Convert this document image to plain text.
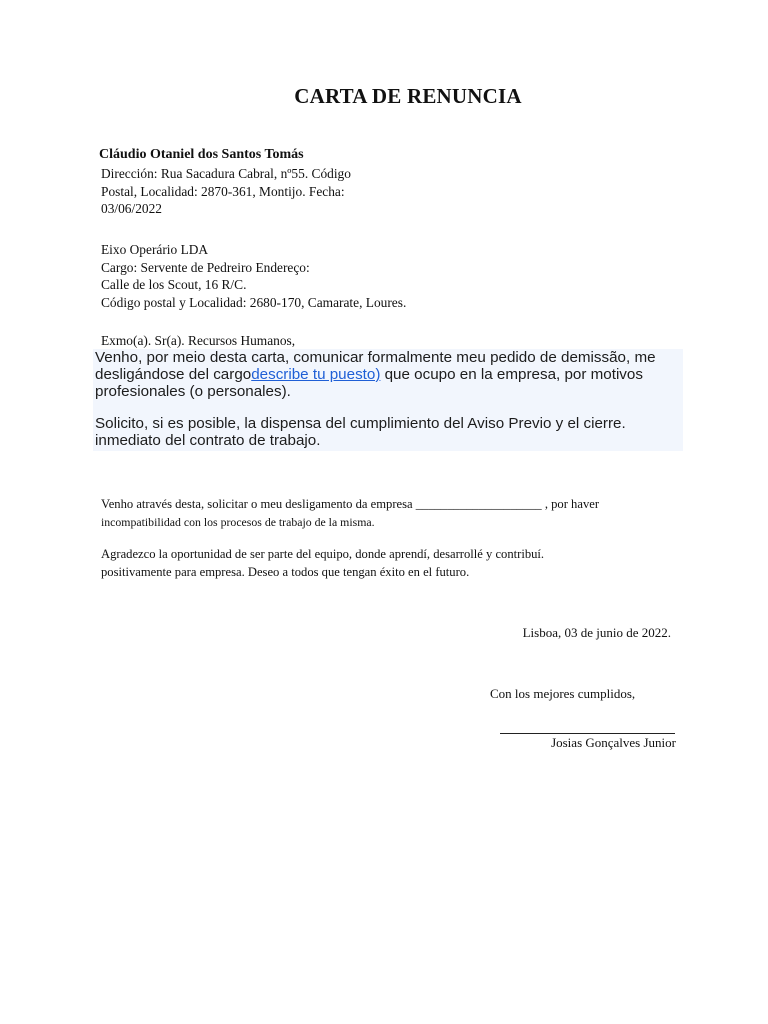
CARTA DE RENUNCIA
Cláudio Otaniel dos Santos Tomás
Dirección: Rua Sacadura Cabral, nº55. Código
Postal, Localidad: 2870-361, Montijo. Fecha:
03/06/2022
Eixo Operário LDA
Cargo: Servente de Pedreiro Endereço:
Calle de los Scout, 16 R/C.
Código postal y Localidad: 2680-170, Camarate, Loures.
Exmo(a). Sr(a). Recursos Humanos,

Venho, por meio desta carta, comunicar formalmente meu pedido de demissão, me desligándose del cargodescribe tu puesto) que ocupo en la empresa, por motivos profesionales (o personales).

Solicito, si es posible, la dispensa del cumplimiento del Aviso Previo y el cierre. inmediato del contrato de trabajo.

Venho através desta, solicitar o meu desligamento da empresa ____________________ , por haver
incompatibilidad con los procesos de trabajo de la misma.
Agradezco la oportunidad de ser parte del equipo, donde aprendí, desarrollé y contribuí.
positivamente para empresa. Deseo a todos que tengan éxito en el futuro.
Lisboa, 03 de junio de 2022.
Con los mejores cumplidos,
Josias Gonçalves Junior
